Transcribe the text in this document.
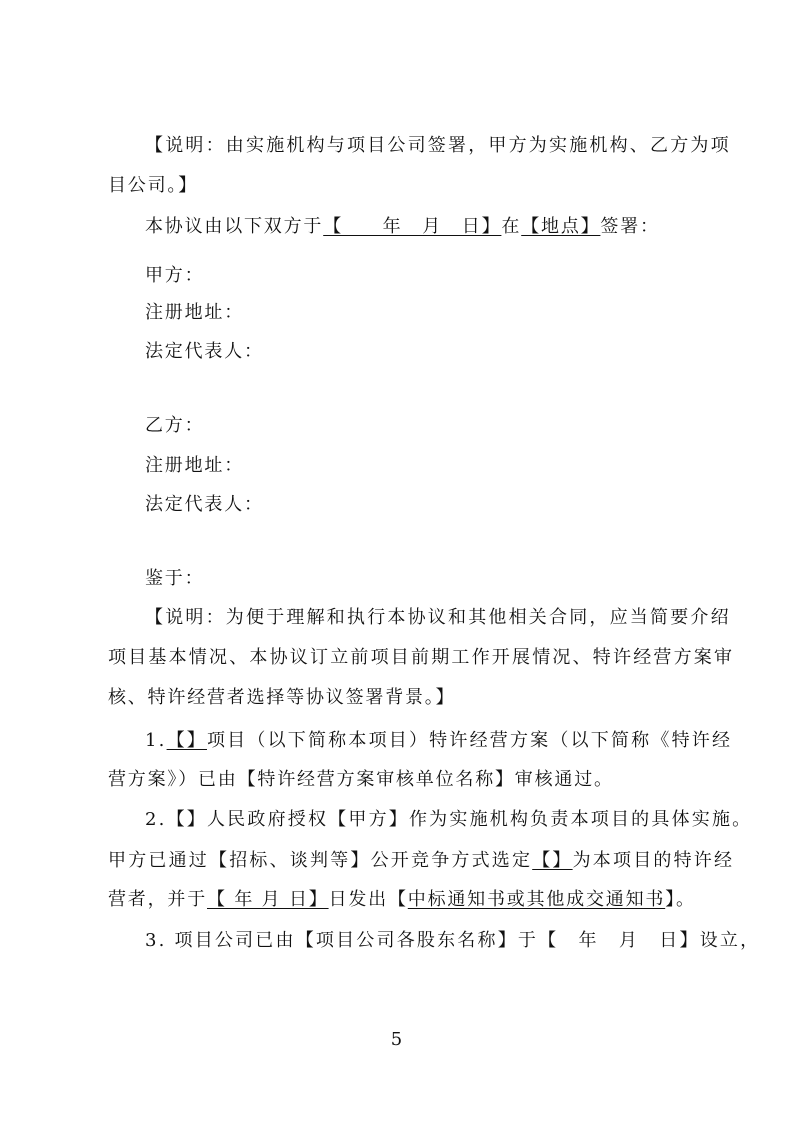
【说明：由实施机构与项目公司签署，甲方为实施机构、乙方为项
目公司。】
本协议由以下双方于【　　年　月　日】在【地点】签署：
甲方：
注册地址：
法定代表人：
乙方：
注册地址：
法定代表人：
鉴于：
【说明：为便于理解和执行本协议和其他相关合同，应当简要介绍
项目基本情况、本协议订立前项目前期工作开展情况、特许经营方案审
核、特许经营者选择等协议签署背景。】
1.【】项目（以下简称本项目）特许经营方案（以下简称《特许经
营方案》）已由【特许经营方案审核单位名称】审核通过。
2.【】人民政府授权【甲方】作为实施机构负责本项目的具体实施。
甲方已通过【招标、谈判等】公开竞争方式选定【】为本项目的特许经
营者，并于【 年 月 日】日发出【中标通知书或其他成交通知书】。
3. 项目公司已由【项目公司各股东名称】于【　年　月　日】设立，
5
